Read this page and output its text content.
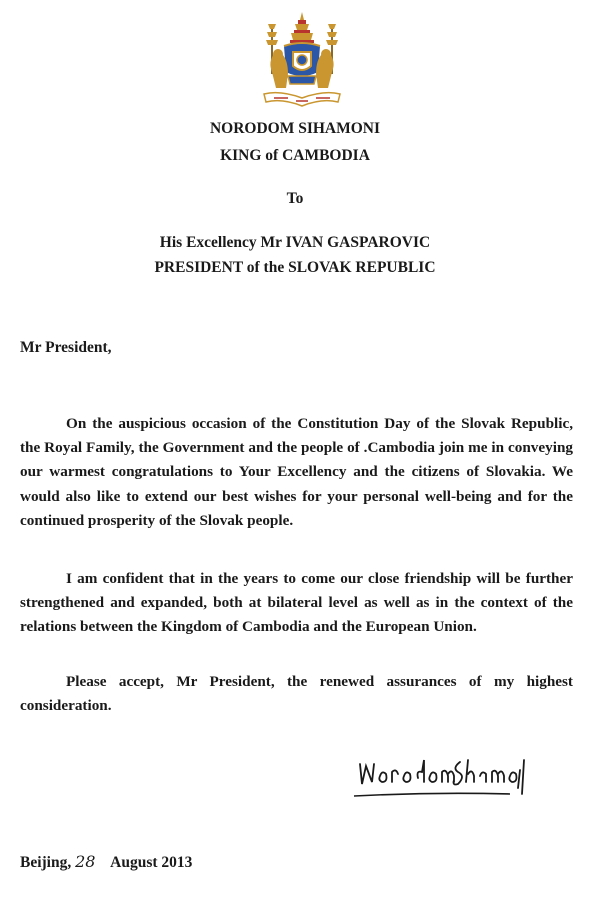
NORODOM SIHAMONI
KING of CAMBODIA
To
His Excellency Mr IVAN GASPAROVIC
PRESIDENT of the SLOVAK REPUBLIC
Mr President,

On the auspicious occasion of the Constitution Day of the Slovak Republic, the Royal Family, the Government and the people of .Cambodia join me in conveying our warmest congratulations to Your Excellency and the citizens of Slovakia. We would also like to extend our best wishes for your personal well-being and for the continued prosperity of the Slovak people.

I am confident that in the years to come our close friendship will be further strengthened and expanded, both at bilateral level as well as in the context of the relations between the Kingdom of Cambodia and the European Union.

Please accept, Mr President, the renewed assurances of my highest consideration.

Beijing, 28 August 2013
